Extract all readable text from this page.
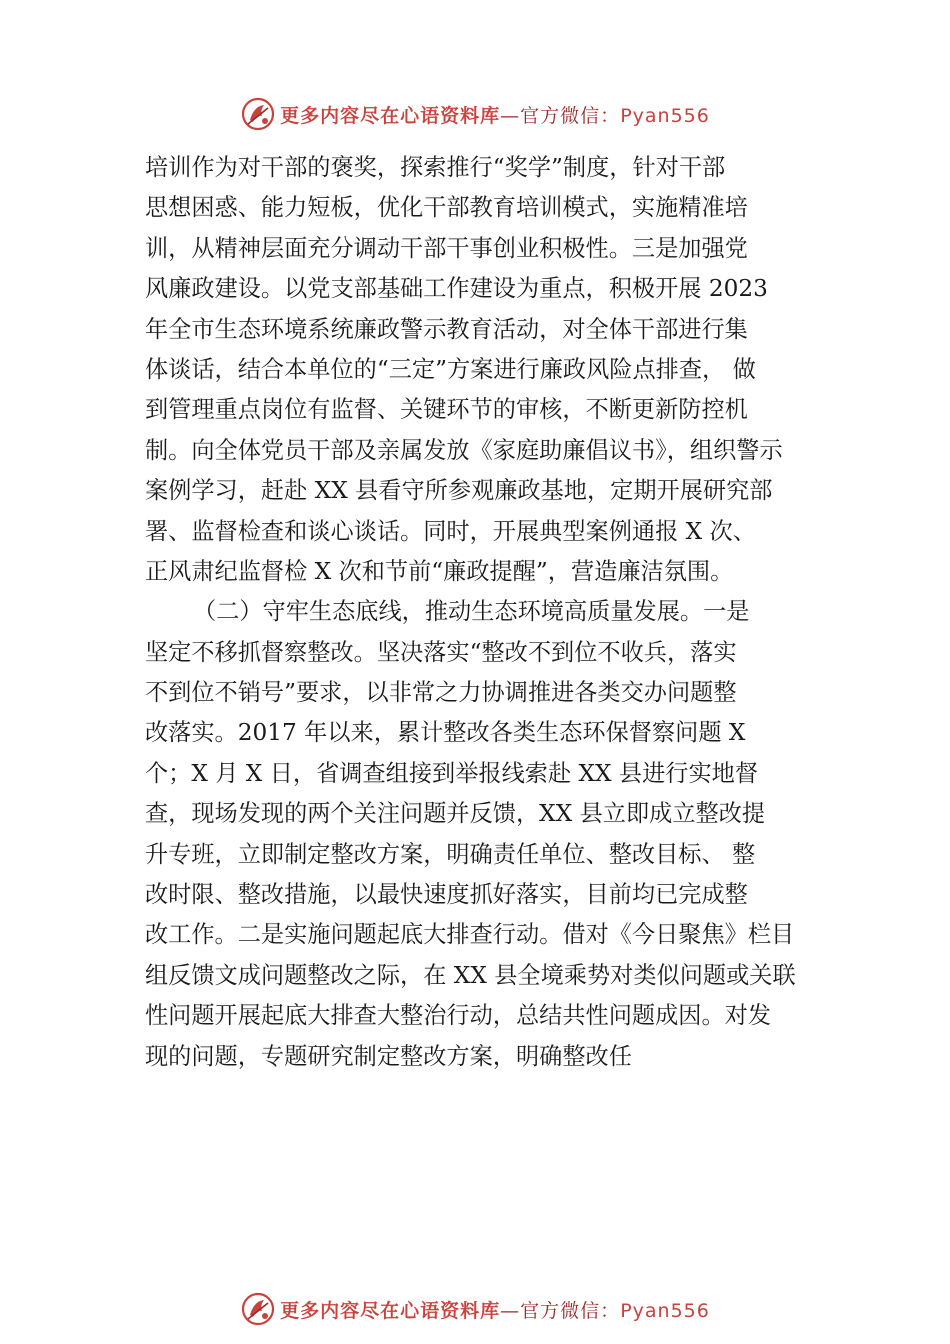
更多内容尽在心语资料库—官方微信：Pyan556
培训作为对干部的褒奖，探索推行“奖学”制度，针对干部
思想困惑、能力短板，优化干部教育培训模式，实施精准培
训，从精神层面充分调动干部干事创业积极性。三是加强党
风廉政建设。以党支部基础工作建设为重点，积极开展 2023
年全市生态环境系统廉政警示教育活动，对全体干部进行集
体谈话，结合本单位的“三定”方案进行廉政风险点排查， 做
到管理重点岗位有监督、关键环节的审核，不断更新防控机
制。向全体党员干部及亲属发放《家庭助廉倡议书》，组织警示
案例学习，赶赴 XX 县看守所参观廉政基地，定期开展研究部
署、监督检查和谈心谈话。同时，开展典型案例通报 X 次、
正风肃纪监督检 X 次和节前“廉政提醒”，营造廉洁氛围。
（二）守牢生态底线，推动生态环境高质量发展。一是
坚定不移抓督察整改。坚决落实“整改不到位不收兵，落实
不到位不销号”要求，以非常之力协调推进各类交办问题整
改落实。2017 年以来，累计整改各类生态环保督察问题 X
个；X 月 X 日，省调查组接到举报线索赴 XX 县进行实地督
查，现场发现的两个关注问题并反馈，XX 县立即成立整改提
升专班，立即制定整改方案，明确责任单位、整改目标、 整
改时限、整改措施，以最快速度抓好落实，目前均已完成整
改工作。二是实施问题起底大排查行动。借对《今日聚焦》栏目
组反馈文成问题整改之际，在 XX 县全境乘势对类似问题或关联
性问题开展起底大排查大整治行动，总结共性问题成因。对发
现的问题，专题研究制定整改方案，明确整改任
更多内容尽在心语资料库—官方微信：Pyan556
